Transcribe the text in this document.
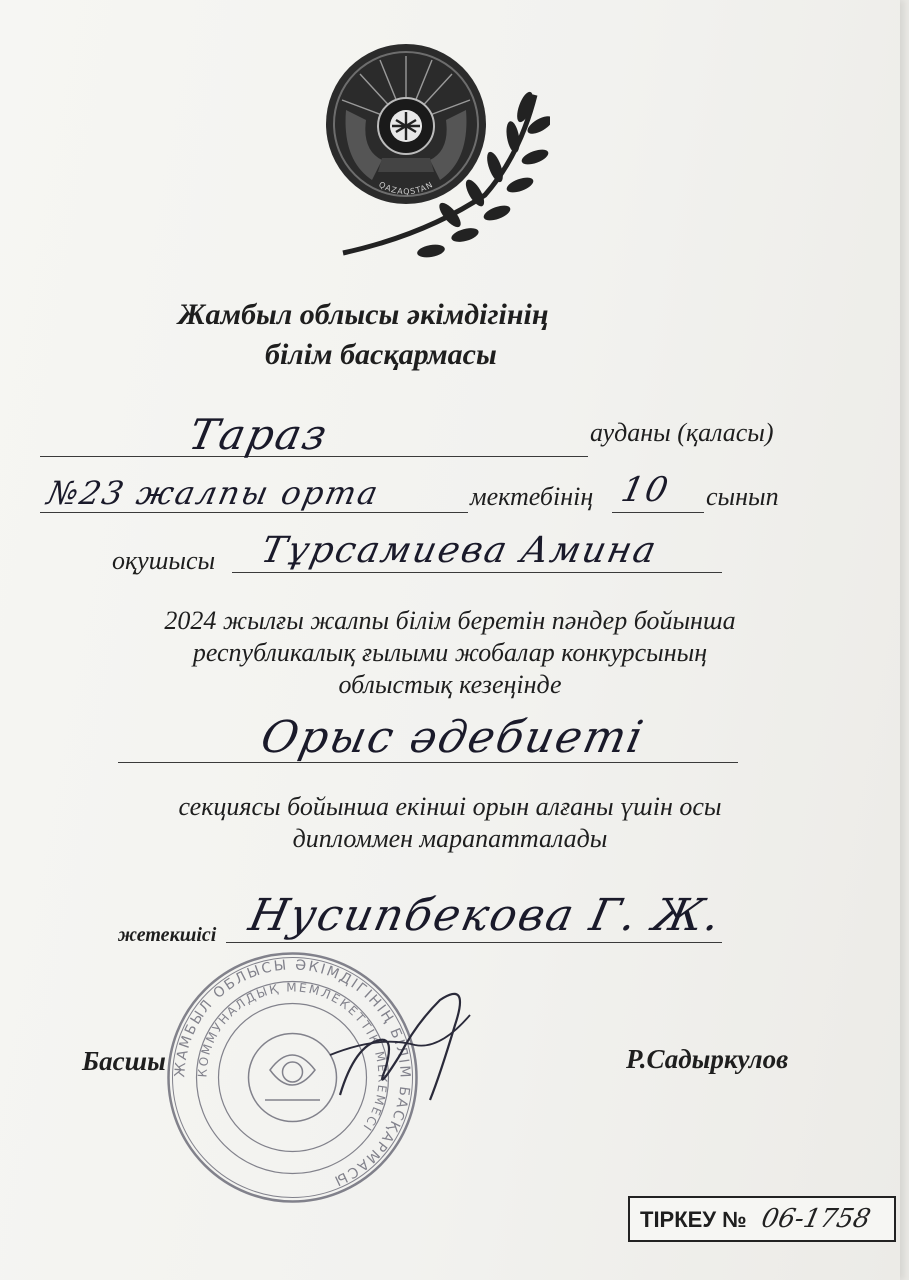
QAZAQSTAN
Жамбыл облысы әкімдігінің
білім басқармасы
Тараз	ауданы (қаласы)
№23 жалпы орта	мектебінің 10 сынып
оқушысы Тұрсамиева Амина
2024 жылғы жалпы білім беретін пәндер бойынша
республикалық ғылыми жобалар конкурсының
облыстық кезеңінде
Орыс әдебиеті
секциясы бойынша екінші орын алғаны үшін осы
дипломмен марапатталады
жетекшісі Нусипбекова Г. Ж.
ЖАМБЫЛ ОБЛЫСЫ ӘКІМДІГІНІҢ БІЛІМ БАСҚАРМАСЫ
КОММУНАЛДЫҚ МЕМЛЕКЕТТІК МЕКЕМЕСІ
Басшы	Р.Садыркулов
ТІРКЕУ № 06-1758
